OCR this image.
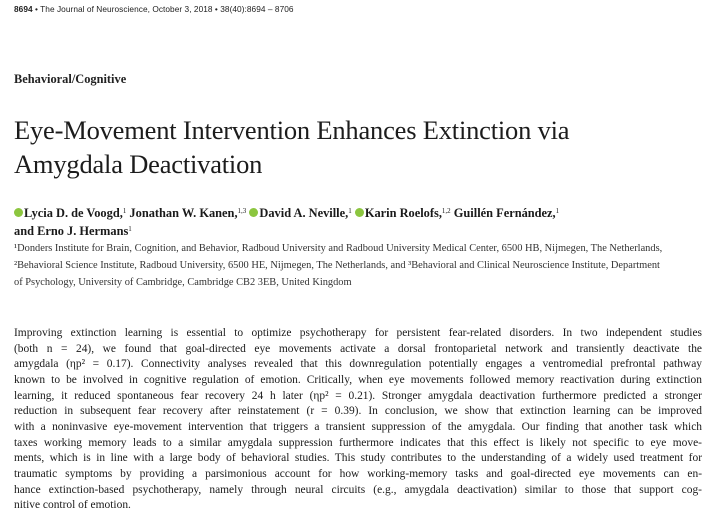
8694 • The Journal of Neuroscience, October 3, 2018 • 38(40):8694 – 8706
Behavioral/Cognitive
Eye-Movement Intervention Enhances Extinction via
Amygdala Deactivation
Lycia D. de Voogd,$^1$ Jonathan W. Kanen,$^{1,3}$ David A. Neville,$^1$ Karin Roelofs,$^{1,2}$ Guillén Fernández,$^1$
and Erno J. Hermans$^1$
¹Donders Institute for Brain, Cognition, and Behavior, Radboud University and Radboud University Medical Center, 6500 HB, Nijmegen, The Netherlands,
²Behavioral Science Institute, Radboud University, 6500 HE, Nijmegen, The Netherlands, and ³Behavioral and Clinical Neuroscience Institute, Department
of Psychology, University of Cambridge, Cambridge CB2 3EB, United Kingdom
Improving extinction learning is essential to optimize psychotherapy for persistent fear-related disorders. In two independent studies
(both n = 24), we found that goal-directed eye movements activate a dorsal frontoparietal network and transiently deactivate the
amygdala (ηp² = 0.17). Connectivity analyses revealed that this downregulation potentially engages a ventromedial prefrontal pathway
known to be involved in cognitive regulation of emotion. Critically, when eye movements followed memory reactivation during extinction
learning, it reduced spontaneous fear recovery 24 h later (ηp² = 0.21). Stronger amygdala deactivation furthermore predicted a stronger
reduction in subsequent fear recovery after reinstatement (r = 0.39). In conclusion, we show that extinction learning can be improved
with a noninvasive eye-movement intervention that triggers a transient suppression of the amygdala. Our finding that another task which
taxes working memory leads to a similar amygdala suppression furthermore indicates that this effect is likely not specific to eye move-
ments, which is in line with a large body of behavioral studies. This study contributes to the understanding of a widely used treatment for
traumatic symptoms by providing a parsimonious account for how working-memory tasks and goal-directed eye movements can en-
hance extinction-based psychotherapy, namely through neural circuits (e.g., amygdala deactivation) similar to those that support cog-
nitive control of emotion.
